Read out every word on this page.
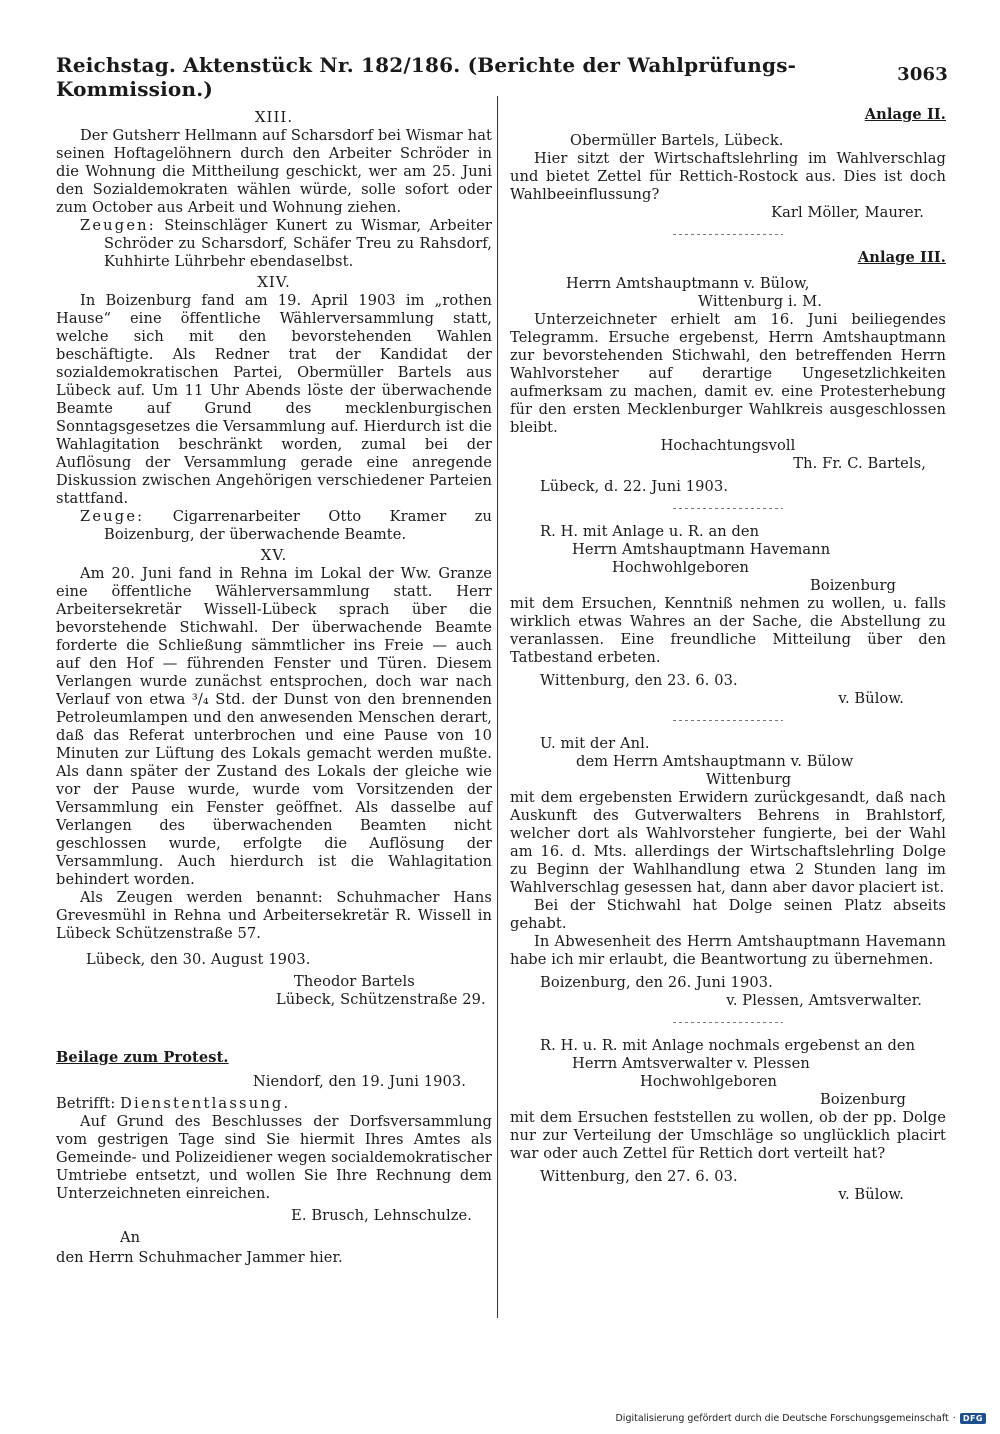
Reichstag. Aktenstück Nr. 182/186. (Berichte der Wahlprüfungs-Kommission.)
3063
XIII.

Der Gutsherr Hellmann auf Scharsdorf bei Wismar hat seinen Hoftagelöhnern durch den Arbeiter Schröder in die Wohnung die Mittheilung geschickt, wer am 25. Juni den Sozialdemokraten wählen würde, solle sofort oder zum October aus Arbeit und Wohnung ziehen.

Zeugen: Steinschläger Kunert zu Wismar, Arbeiter Schröder zu Scharsdorf, Schäfer Treu zu Rahsdorf, Kuhhirte Lührbehr ebendaselbst.

XIV.

In Boizenburg fand am 19. April 1903 im „rothen Hause“ eine öffentliche Wählerversammlung statt, welche sich mit den bevorstehenden Wahlen beschäftigte. Als Redner trat der Kandidat der sozialdemokratischen Partei, Obermüller Bartels aus Lübeck auf. Um 11 Uhr Abends löste der überwachende Beamte auf Grund des mecklenburgischen Sonntagsgesetzes die Versammlung auf. Hierdurch ist die Wahlagitation beschränkt worden, zumal bei der Auflösung der Versammlung gerade eine anregende Diskussion zwischen Angehörigen verschiedener Parteien stattfand.

Zeuge: Cigarrenarbeiter Otto Kramer zu Boizenburg, der überwachende Beamte.

XV.

Am 20. Juni fand in Rehna im Lokal der Ww. Granze eine öffentliche Wählerversammlung statt. Herr Arbeitersekretär Wissell-Lübeck sprach über die bevorstehende Stichwahl. Der überwachende Beamte forderte die Schließung sämmtlicher ins Freie — auch auf den Hof — führenden Fenster und Türen. Diesem Verlangen wurde zunächst entsprochen, doch war nach Verlauf von etwa ³/₄ Std. der Dunst von den brennenden Petroleumlampen und den anwesenden Menschen derart, daß das Referat unterbrochen und eine Pause von 10 Minuten zur Lüftung des Lokals gemacht werden mußte. Als dann später der Zustand des Lokals der gleiche wie vor der Pause wurde, wurde vom Vorsitzenden der Versammlung ein Fenster geöffnet. Als dasselbe auf Verlangen des überwachenden Beamten nicht geschlossen wurde, erfolgte die Auflösung der Versammlung. Auch hierdurch ist die Wahlagitation behindert worden.

Als Zeugen werden benannt: Schuhmacher Hans Grevesmühl in Rehna und Arbeitersekretär R. Wissell in Lübeck Schützenstraße 57.

Lübeck, den 30. August 1903.

Theodor Bartels

Lübeck, Schützenstraße 29.

Beilage zum Protest.

Niendorf, den 19. Juni 1903.

Betrifft: Dienstentlassung.

Auf Grund des Beschlusses der Dorfsversammlung vom gestrigen Tage sind Sie hiermit Ihres Amtes als Gemeinde- und Polizeidiener wegen socialdemokratischer Umtriebe entsetzt, und wollen Sie Ihre Rechnung dem Unterzeichneten einreichen.

E. Brusch, Lehnschulze.

An

den Herrn Schuhmacher Jammer hier.

Anlage II.

Obermüller Bartels, Lübeck.

Hier sitzt der Wirtschaftslehrling im Wahlverschlag und bietet Zettel für Rettich-Rostock aus. Dies ist doch Wahlbeeinflussung?

Karl Möller, Maurer.

Anlage III.

Herrn Amtshauptmann v. Bülow,

Wittenburg i. M.

Unterzeichneter erhielt am 16. Juni beiliegendes Telegramm. Ersuche ergebenst, Herrn Amtshauptmann zur bevorstehenden Stichwahl, den betreffenden Herrn Wahlvorsteher auf derartige Ungesetzlichkeiten aufmerksam zu machen, damit ev. eine Protesterhebung für den ersten Mecklenburger Wahlkreis ausgeschlossen bleibt.

Hochachtungsvoll

Th. Fr. C. Bartels,

Lübeck, d. 22. Juni 1903.

R. H. mit Anlage u. R. an den

Herrn Amtshauptmann Havemann

Hochwohlgeboren

Boizenburg

mit dem Ersuchen, Kenntniß nehmen zu wollen, u. falls wirklich etwas Wahres an der Sache, die Abstellung zu veranlassen. Eine freundliche Mitteilung über den Tatbestand erbeten.

Wittenburg, den 23. 6. 03.

v. Bülow.

U. mit der Anl.

dem Herrn Amtshauptmann v. Bülow

Wittenburg

mit dem ergebensten Erwidern zurückgesandt, daß nach Auskunft des Gutverwalters Behrens in Brahlstorf, welcher dort als Wahlvorsteher fungierte, bei der Wahl am 16. d. Mts. allerdings der Wirtschaftslehrling Dolge zu Beginn der Wahlhandlung etwa 2 Stunden lang im Wahlverschlag gesessen hat, dann aber davor placiert ist.

Bei der Stichwahl hat Dolge seinen Platz abseits gehabt.

In Abwesenheit des Herrn Amtshauptmann Havemann habe ich mir erlaubt, die Beantwortung zu übernehmen.

Boizenburg, den 26. Juni 1903.

v. Plessen, Amtsverwalter.

R. H. u. R. mit Anlage nochmals ergebenst an den

Herrn Amtsverwalter v. Plessen

Hochwohlgeboren

Boizenburg

mit dem Ersuchen feststellen zu wollen, ob der pp. Dolge nur zur Verteilung der Umschläge so unglücklich placirt war oder auch Zettel für Rettich dort verteilt hat?

Wittenburg, den 27. 6. 03.

v. Bülow.

Digitalisierung gefördert durch die Deutsche Forschungsgemeinschaft · DFG
